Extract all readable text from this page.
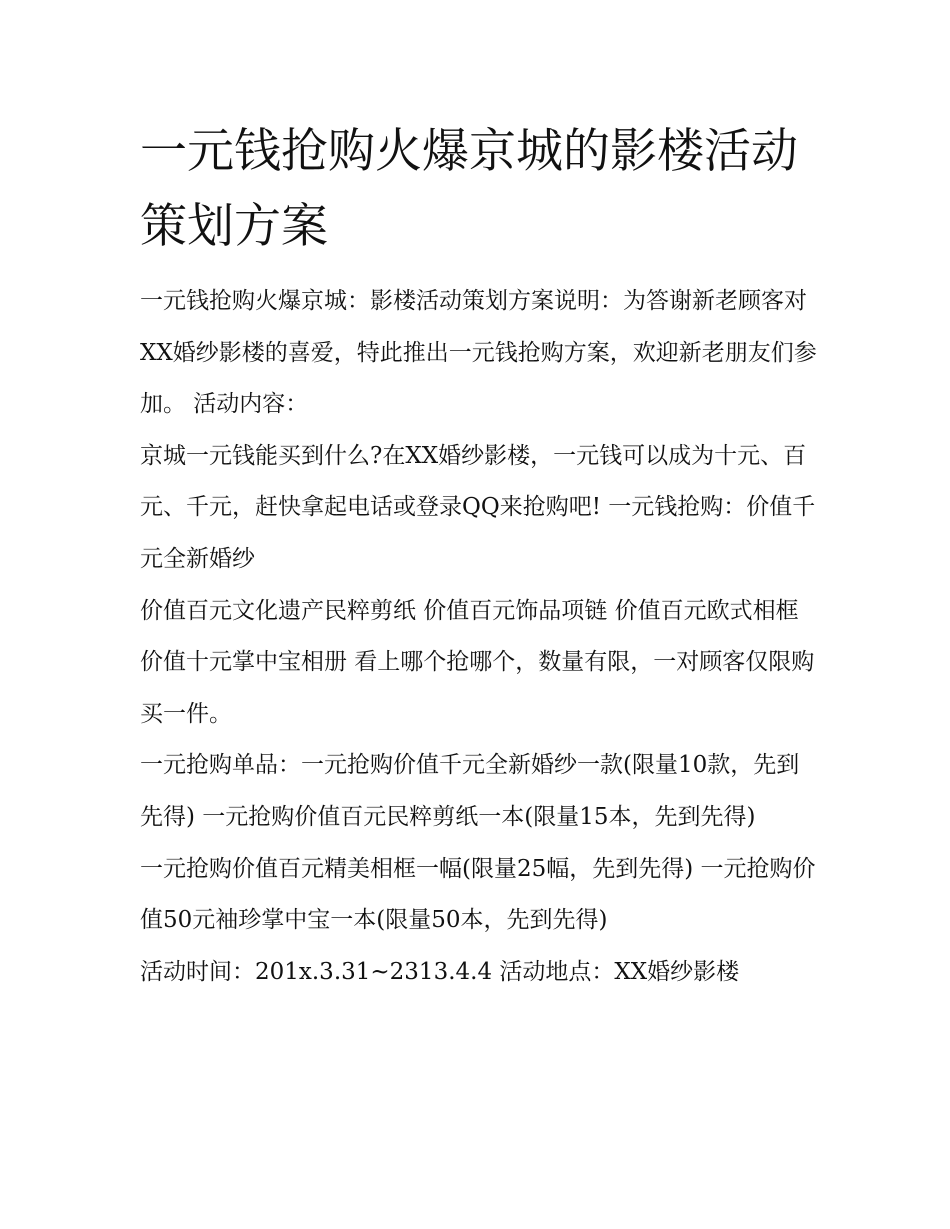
一元钱抢购火爆京城的影楼活动策划方案

一元钱抢购火爆京城：影楼活动策划方案说明：为答谢新老顾客对XX婚纱影楼的喜爱，特此推出一元钱抢购方案，欢迎新老朋友们参加。 活动内容：

京城一元钱能买到什么?在XX婚纱影楼，一元钱可以成为十元、百元、千元，赶快拿起电话或登录QQ来抢购吧! 一元钱抢购：价值千元全新婚纱

价值百元文化遗产民粹剪纸 价值百元饰品项链 价值百元欧式相框 价值十元掌中宝相册 看上哪个抢哪个，数量有限，一对顾客仅限购买一件。

一元抢购单品：一元抢购价值千元全新婚纱一款(限量10款，先到先得) 一元抢购价值百元民粹剪纸一本(限量15本，先到先得)

一元抢购价值百元精美相框一幅(限量25幅，先到先得) 一元抢购价值50元袖珍掌中宝一本(限量50本，先到先得)

活动时间：201x.3.31~2313.4.4 活动地点：XX婚纱影楼
